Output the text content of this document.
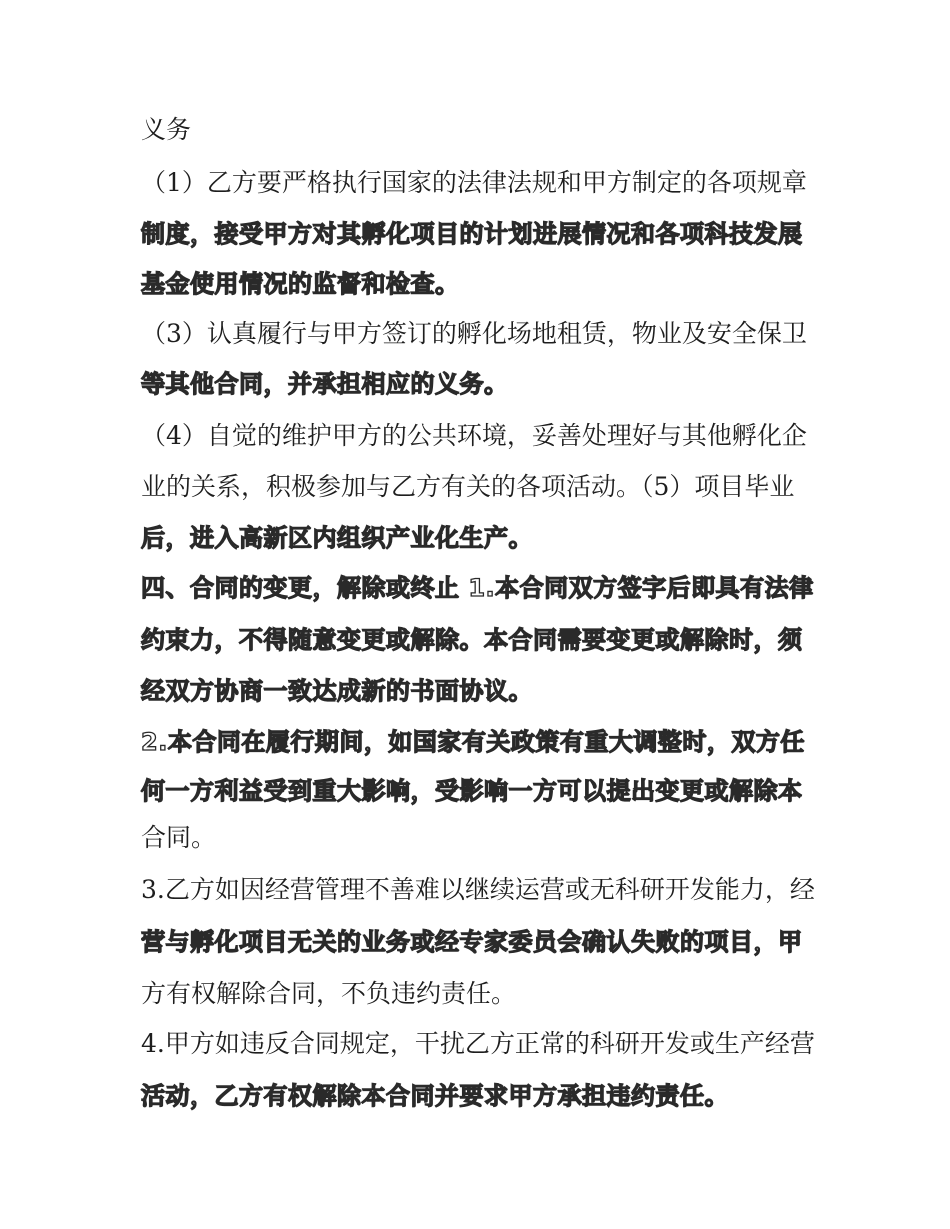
义务
（1）乙方要严格执行国家的法律法规和甲方制定的各项规章
制度，接受甲方对其孵化项目的计划进展情况和各项科技发展
基金使用情况的监督和检查。
（3）认真履行与甲方签订的孵化场地租赁，物业及安全保卫
等其他合同，并承担相应的义务。
（4）自觉的维护甲方的公共环境，妥善处理好与其他孵化企
业的关系，积极参加与乙方有关的各项活动。（5）项目毕业
后，进入高新区内组织产业化生产。
四、合同的变更，解除或终止 1.本合同双方签字后即具有法律
约束力，不得随意变更或解除。本合同需要变更或解除时，须
经双方协商一致达成新的书面协议。
2.本合同在履行期间，如国家有关政策有重大调整时，双方任
何一方利益受到重大影响，受影响一方可以提出变更或解除本
合同。
3.乙方如因经营管理不善难以继续运营或无科研开发能力，经
营与孵化项目无关的业务或经专家委员会确认失败的项目，甲
方有权解除合同，不负违约责任。
4.甲方如违反合同规定，干扰乙方正常的科研开发或生产经营
活动，乙方有权解除本合同并要求甲方承担违约责任。
